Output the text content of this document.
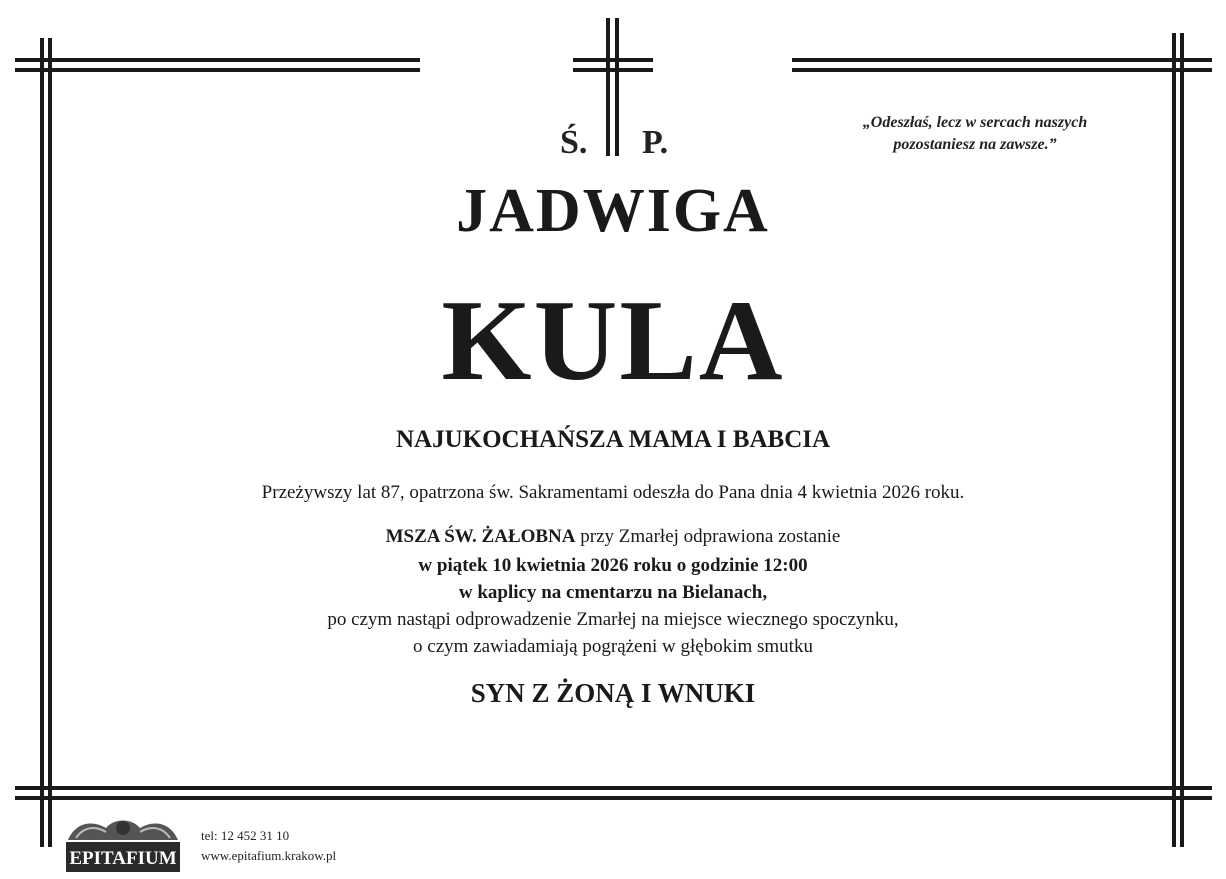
Ś. P.
„Odeszłaś, lecz w sercach naszych
pozostaniesz na zawsze.”
JADWIGA
KULA
NAJUKOCHAŃSZA MAMA I BABCIA
Przeżywszy lat 87, opatrzona św. Sakramentami odeszła do Pana dnia 4 kwietnia 2026 roku.
MSZA ŚW. ŻAŁOBNA przy Zmarłej odprawiona zostanie
w piątek 10 kwietnia 2026 roku o godzinie 12:00
w kaplicy na cmentarzu na Bielanach,
po czym nastąpi odprowadzenie Zmarłej na miejsce wiecznego spoczynku,
o czym zawiadamiają pogrążeni w głębokim smutku
SYN Z ŻONĄ I WNUKI
EPITAFIUM
tel: 12 452 31 10
www.epitafium.krakow.pl
